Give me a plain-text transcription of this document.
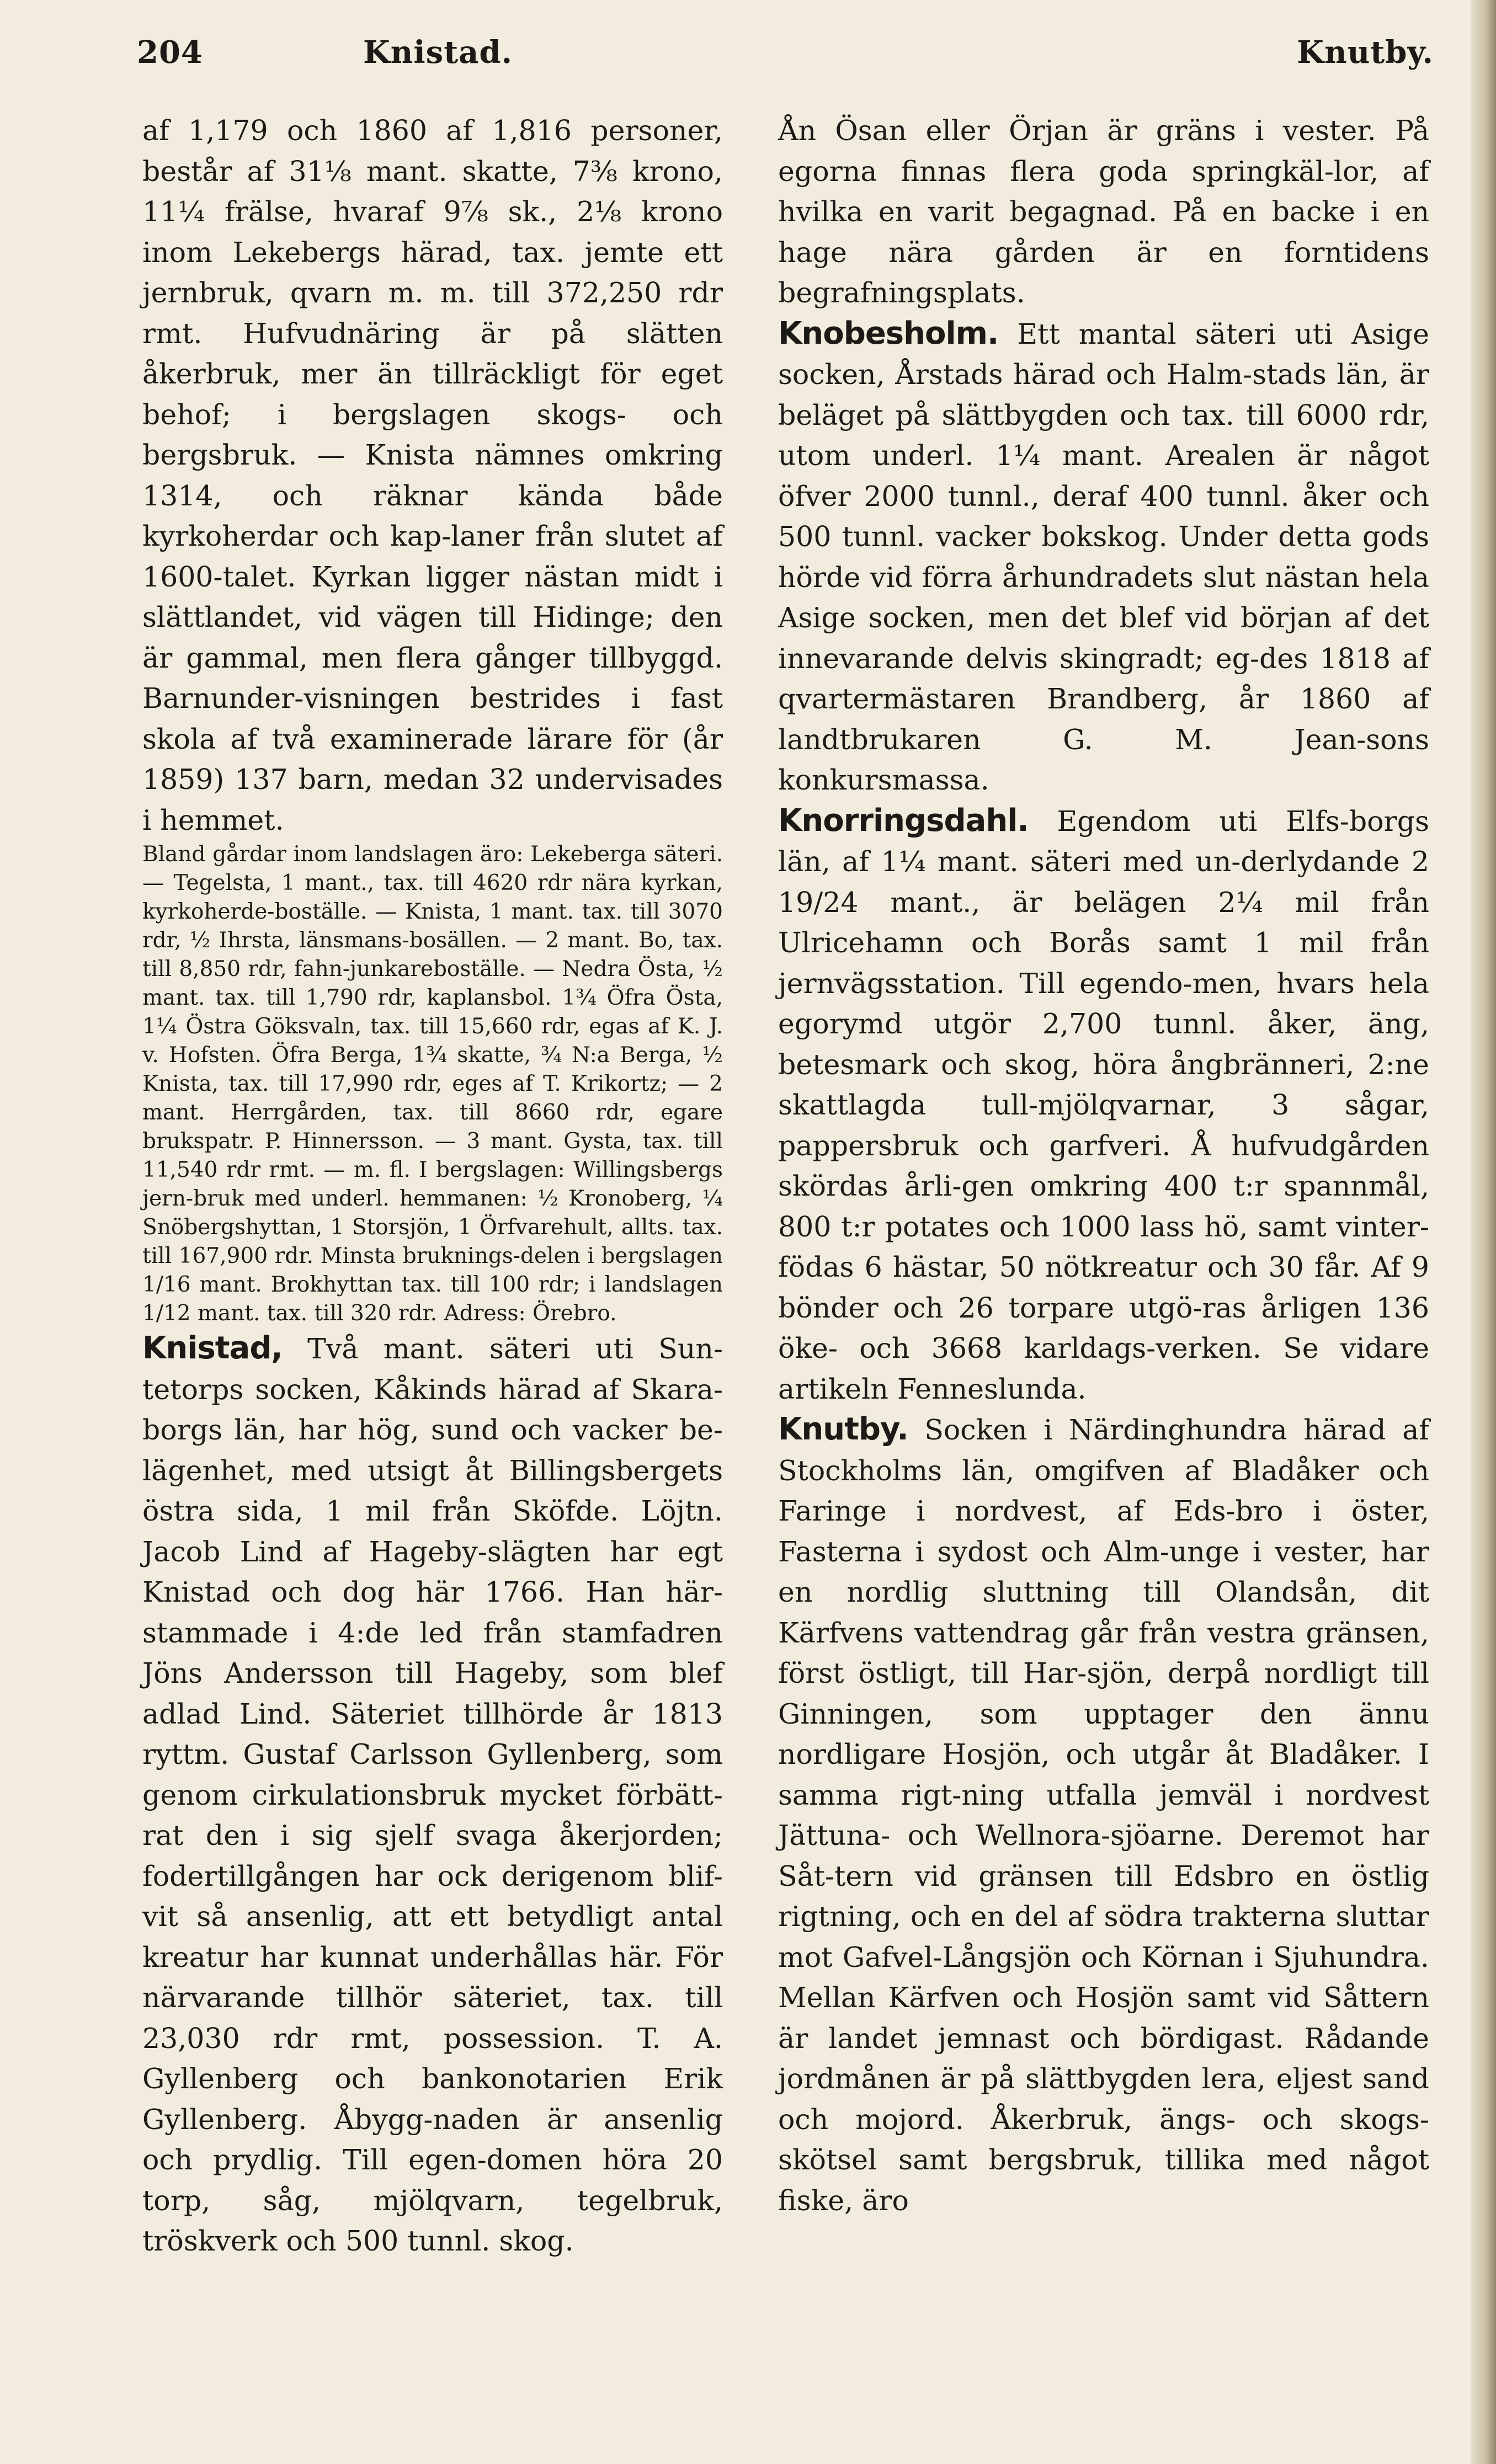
204	Knistad.	Knutby.

af 1,179 och 1860 af 1,816 personer, består af 31⅛ mant. skatte, 7⅜ krono, 11¼ frälse, hvaraf 9⅞ sk., 2⅛ krono inom Lekebergs härad, tax. jemte ett jernbruk, qvarn m. m. till 372,250 rdr rmt. Hufvudnäring är på slätten åkerbruk, mer än tillräckligt för eget behof; i bergslagen skogs- och bergsbruk. — Knista nämnes omkring 1314, och räknar kända både kyrkoherdar och kap-laner från slutet af 1600-talet. Kyrkan ligger nästan midt i slättlandet, vid vägen till Hidinge; den är gammal, men flera gånger tillbyggd. Barnunder-visningen bestrides i fast skola af två examinerade lärare för (år 1859) 137 barn, medan 32 undervisades i hemmet.

Bland gårdar inom landslagen äro: Lekeberga säteri. — Tegelsta, 1 mant., tax. till 4620 rdr nära kyrkan, kyrkoherde-boställe. — Knista, 1 mant. tax. till 3070 rdr, ½ Ihrsta, länsmans-bosällen. — 2 mant. Bo, tax. till 8,850 rdr, fahn-junkareboställe. — Nedra Östa, ½ mant. tax. till 1,790 rdr, kaplansbol. 1¾ Öfra Östa, 1¼ Östra Göksvaln, tax. till 15,660 rdr, egas af K. J. v. Hofsten. Öfra Berga, 1¾ skatte, ¾ N:a Berga, ½ Knista, tax. till 17,990 rdr, eges af T. Krikortz; — 2 mant. Herrgården, tax. till 8660 rdr, egare brukspatr. P. Hinnersson. — 3 mant. Gysta, tax. till 11,540 rdr rmt. — m. fl. I bergslagen: Willingsbergs jern-bruk med underl. hemmanen: ½ Kronoberg, ¼ Snöbergshyttan, 1 Storsjön, 1 Örfvarehult, allts. tax. till 167,900 rdr. Minsta bruknings-delen i bergslagen 1/16 mant. Brokhyttan tax. till 100 rdr; i landslagen 1/12 mant. tax. till 320 rdr. Adress: Örebro.

Knistad, Två mant. säteri uti Sun-tetorps socken, Kåkinds härad af Skara-borgs län, har hög, sund och vacker be-lägenhet, med utsigt åt Billingsbergets östra sida, 1 mil från Sköfde. Löjtn. Jacob Lind af Hageby-slägten har egt Knistad och dog här 1766. Han här-stammade i 4:de led från stamfadren Jöns Andersson till Hageby, som blef adlad Lind. Säteriet tillhörde år 1813 ryttm. Gustaf Carlsson Gyllenberg, som genom cirkulationsbruk mycket förbätt-rat den i sig sjelf svaga åkerjorden; fodertillgången har ock derigenom blif-vit så ansenlig, att ett betydligt antal kreatur har kunnat underhållas här. För närvarande tillhör säteriet, tax. till 23,030 rdr rmt, possession. T. A. Gyllenberg och bankonotarien Erik Gyllenberg. Åbygg-naden är ansenlig och prydlig. Till egen-domen höra 20 torp, såg, mjölqvarn, tegelbruk, tröskverk och 500 tunnl. skog.

Ån Ösan eller Örjan är gräns i vester. På egorna finnas flera goda springkäl-lor, af hvilka en varit begagnad. På en backe i en hage nära gården är en forntidens begrafningsplats.

Knobesholm. Ett mantal säteri uti Asige socken, Årstads härad och Halm-stads län, är beläget på slättbygden och tax. till 6000 rdr, utom underl. 1¼ mant. Arealen är något öfver 2000 tunnl., deraf 400 tunnl. åker och 500 tunnl. vacker bokskog. Under detta gods hörde vid förra århundradets slut nästan hela Asige socken, men det blef vid början af det innevarande delvis skingradt; eg-des 1818 af qvartermästaren Brandberg, år 1860 af landtbrukaren G. M. Jean-sons konkursmassa.

Knorringsdahl. Egendom uti Elfs-borgs län, af 1¼ mant. säteri med un-derlydande 2 19/24 mant., är belägen 2¼ mil från Ulricehamn och Borås samt 1 mil från jernvägsstation. Till egendo-men, hvars hela egorymd utgör 2,700 tunnl. åker, äng, betesmark och skog, höra ångbränneri, 2:ne skattlagda tull-mjölqvarnar, 3 sågar, pappersbruk och garfveri. Å hufvudgården skördas årli-gen omkring 400 t:r spannmål, 800 t:r potates och 1000 lass hö, samt vinter-födas 6 hästar, 50 nötkreatur och 30 får. Af 9 bönder och 26 torpare utgö-ras årligen 136 öke- och 3668 karldags-verken. Se vidare artikeln Fenneslunda.

Knutby. Socken i Närdinghundra härad af Stockholms län, omgifven af Bladåker och Faringe i nordvest, af Eds-bro i öster, Fasterna i sydost och Alm-unge i vester, har en nordlig sluttning till Olandsån, dit Kärfvens vattendrag går från vestra gränsen, först östligt, till Har-sjön, derpå nordligt till Ginningen, som upptager den ännu nordligare Hosjön, och utgår åt Bladåker. I samma rigt-ning utfalla jemväl i nordvest Jättuna- och Wellnora-sjöarne. Deremot har Såt-tern vid gränsen till Edsbro en östlig rigtning, och en del af södra trakterna sluttar mot Gafvel-Långsjön och Körnan i Sjuhundra. Mellan Kärfven och Hosjön samt vid Såttern är landet jemnast och bördigast. Rådande jordmånen är på slättbygden lera, eljest sand och mojord. Åkerbruk, ängs- och skogs-skötsel samt bergsbruk, tillika med något fiske, äro
